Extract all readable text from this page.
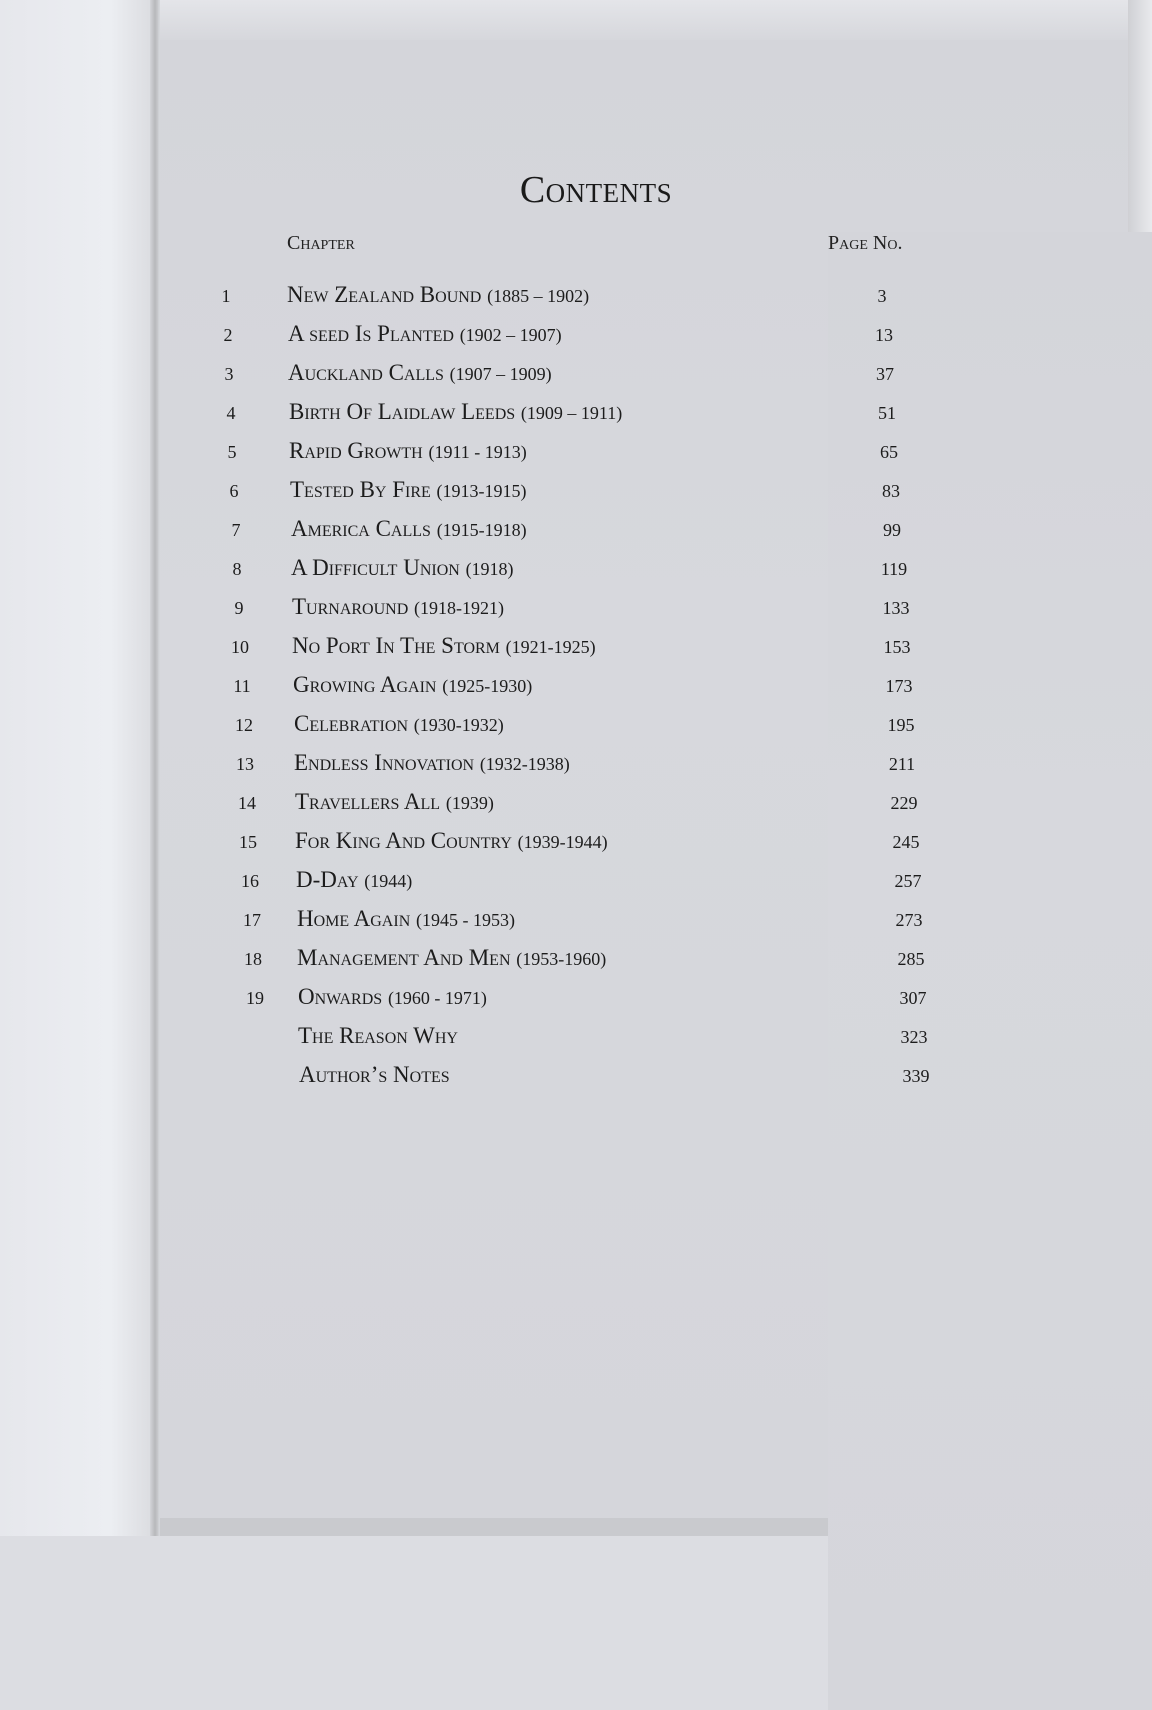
Contents
Chapter	Page No.
1	New Zealand Bound (1885 – 1902)	3
2	A seed Is Planted (1902 – 1907)	13
3	Auckland Calls (1907 – 1909)	37
4	Birth Of Laidlaw Leeds (1909 – 1911)	51
5	Rapid Growth (1911 - 1913)	65
6	Tested By Fire (1913-1915)	83
7	America Calls (1915-1918)	99
8	A Difficult Union (1918)	119
9	Turnaround (1918-1921)	133
10 No Port In The Storm (1921-1925)	153
11 Growing Again (1925-1930)	173
12 Celebration (1930-1932)	195
13 Endless Innovation (1932-1938)	211
14 Travellers All (1939)	229
15 For King And Country (1939-1944)	245
16 D-Day (1944)	257
17 Home Again (1945 - 1953)	273
18 Management And Men (1953-1960)	285
19 Onwards (1960 - 1971)	307
The Reason Why	323
Author’s Notes	339
